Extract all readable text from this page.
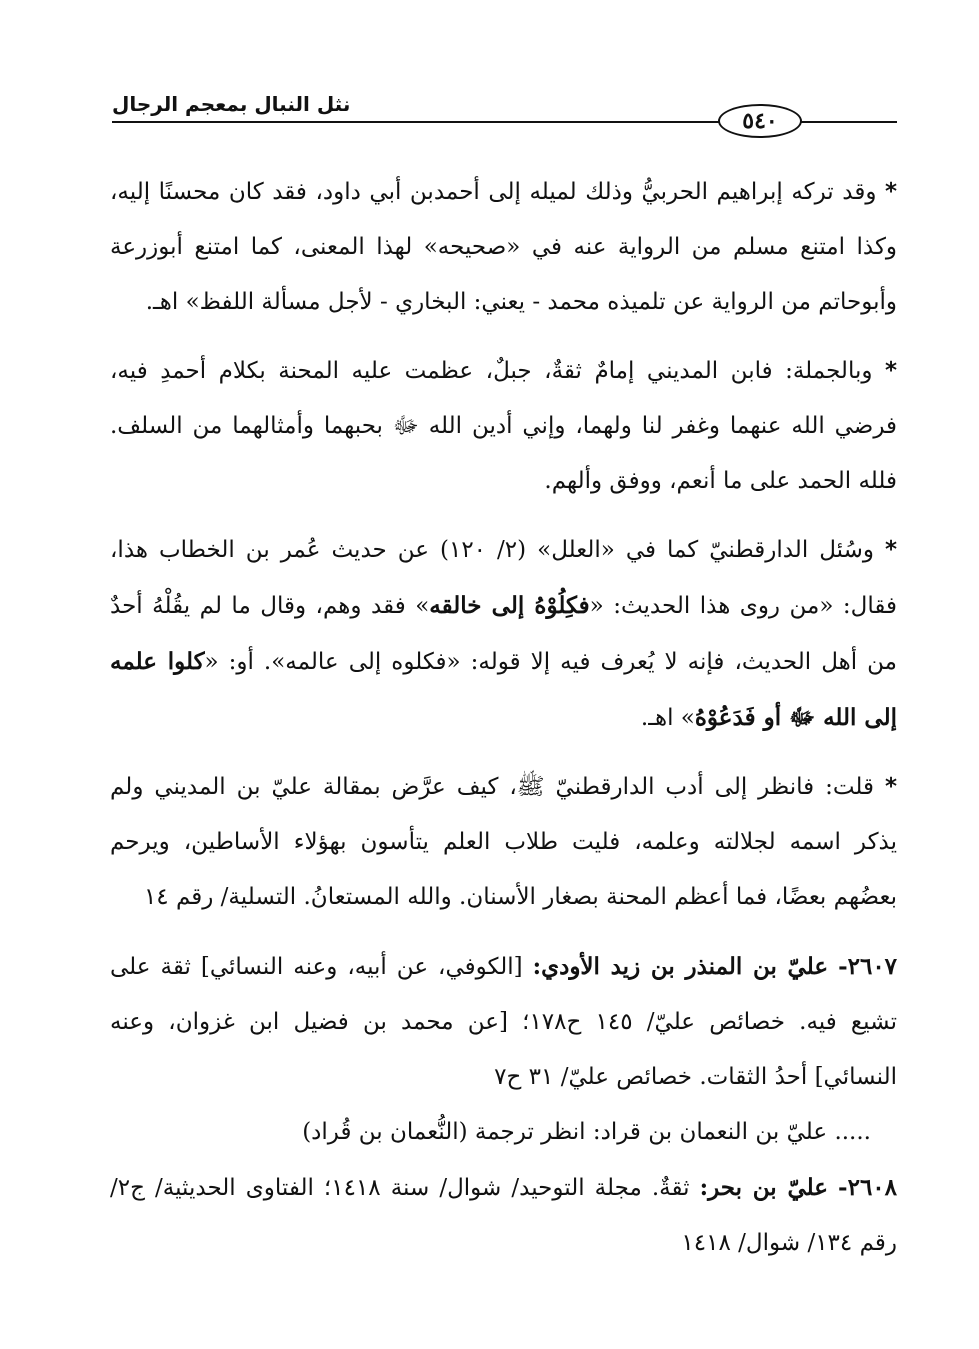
٥٤٠
نثل النبال بمعجم الرجال

* وقد تركه إبراهيم الحربيُّ وذلك لميله إلى أحمدبن أبي داود، فقد كان محسنًا إليه، وكذا امتنع مسلم من الرواية عنه في «صحيحه» لهذا المعنى، كما امتنع أبوزرعة وأبوحاتم من الرواية عن تلميذه محمد - يعني: البخاري - لأجل مسألة اللفظ» اهـ.

* وبالجملة: فابن المديني إمامٌ ثقةٌ، جبلٌ، عظمت عليه المحنة بكلام أحمدِ فيه، فرضي الله عنهما وغفر لنا ولهما، وإني أدين الله ﷻ بحبهما وأمثالهما من السلف. فلله الحمد على ما أنعم، ووفق وألهم.

* وسُئل الدارقطنيّ كما في «العلل» (٢/ ١٢٠) عن حديث عُمر بن الخطاب هذا، فقال: «من روى هذا الحديث: «فكِلُوْهُ إلى خالقه» فقد وهم، وقال ما لم يقُلْهُ أحدٌ من أهل الحديث، فإنه لا يُعرف فيه إلا قوله: «فكلوه إلى عالمه». أو: «كلوا علمه إلى الله ﷻ أو فَدَعُوْهُ» اهـ.

* قلت: فانظر إلى أدب الدارقطنيّ ﷺ، كيف عرَّض بمقالة عليّ بن المديني ولم يذكر اسمه لجلالته وعلمه، فليت طلاب العلم يتأسون بهؤلاء الأساطين، ويرحم بعضُهم بعضًا، فما أعظم المحنة بصغار الأسنان. والله المستعانُ. التسلية/ رقم ١٤

٢٦٠٧- عليّ بن المنذر بن زيد الأودي: [الكوفي، عن أبيه، وعنه النسائي] ثقة على تشيع فيه. خصائص عليّ/ ١٤٥ ح١٧٨؛ [عن محمد بن فضيل ابن غزوان، وعنه النسائي] أحدُ الثقات. خصائص عليّ/ ٣١ ح٧

..... عليّ بن النعمان بن قراد: انظر ترجمة (النُّعمان بن قُراد)

٢٦٠٨- عليّ بن بحر: ثقةٌ. مجلة التوحيد/ شوال/ سنة ١٤١٨؛ الفتاوى الحديثية/ ج٢/ رقم ١٣٤/ شوال/ ١٤١٨
